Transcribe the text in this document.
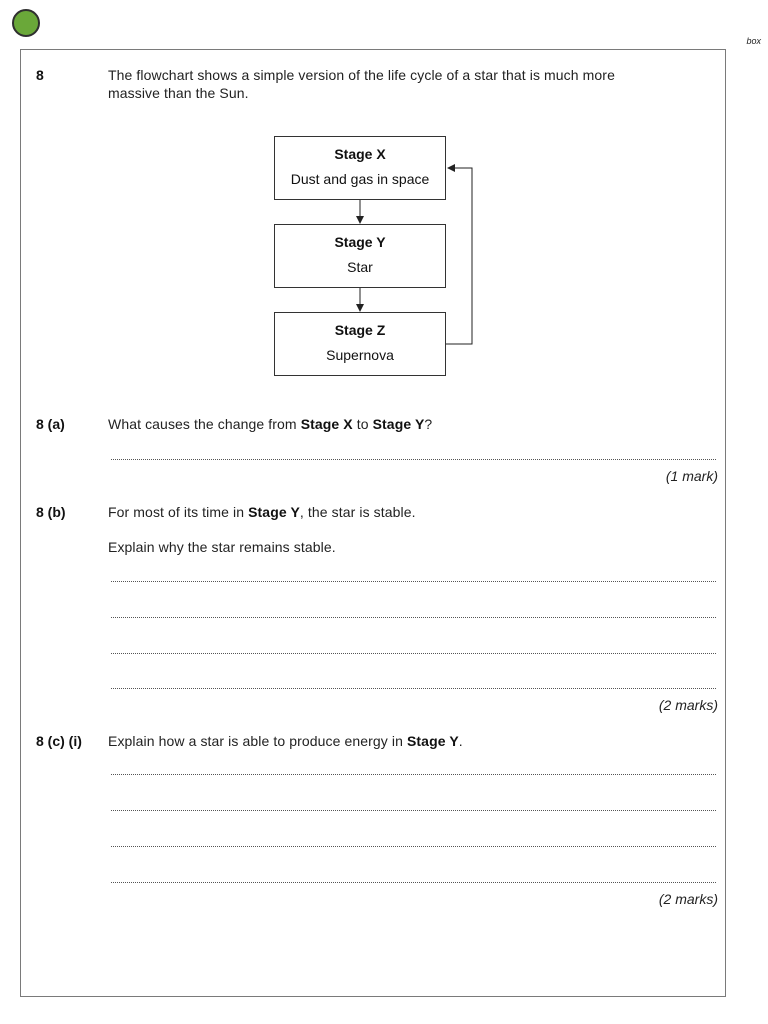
box
8	The flowchart shows a simple version of the life cycle of a star that is much more
massive than the Sun.
Stage X
Dust and gas in space
Stage Y
Star
Stage Z
Supernova
8 (a)	What causes the change from Stage X to Stage Y?
(1 mark)
8 (b)	For most of its time in Stage Y, the star is stable.
Explain why the star remains stable.
(2 marks)
8 (c) (i) Explain how a star is able to produce energy in Stage Y.
(2 marks)
